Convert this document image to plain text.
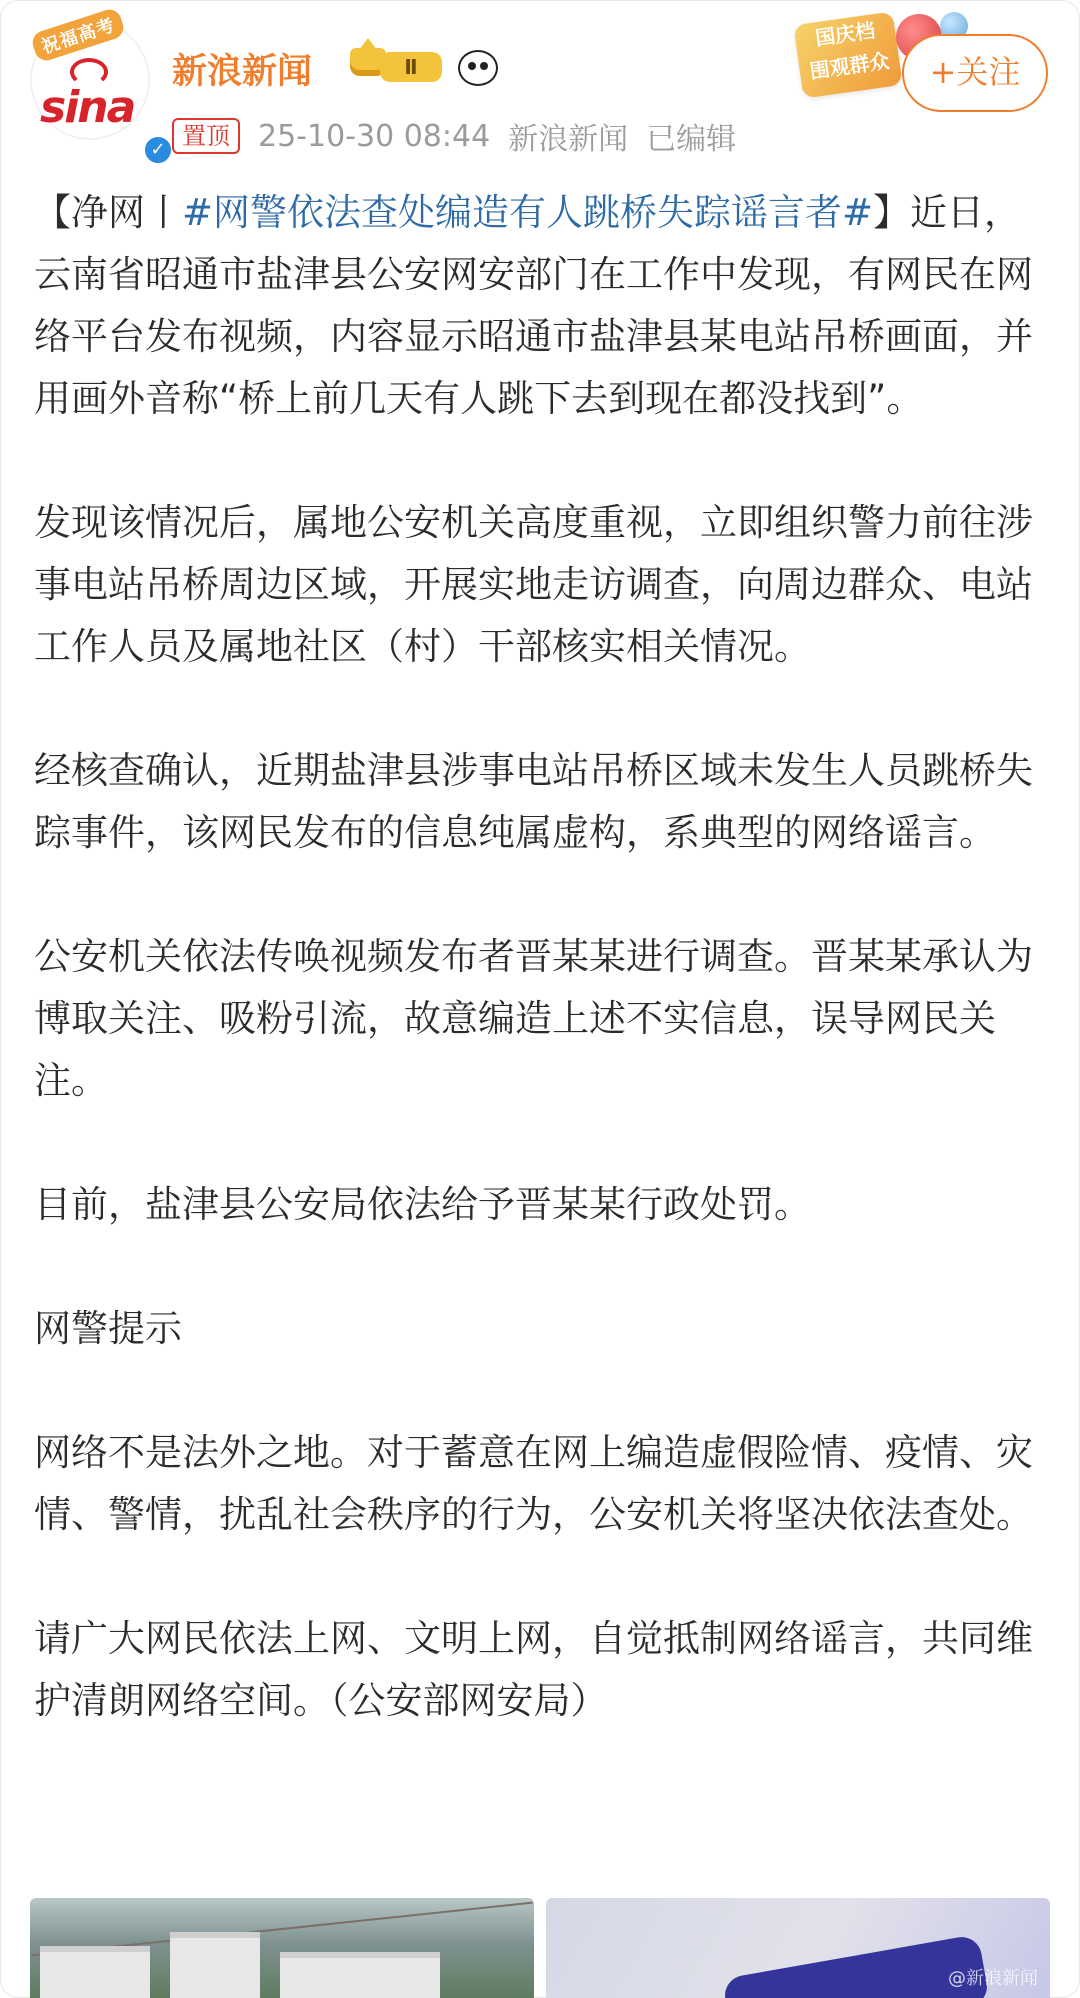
祝福高考
sina
✓
新浪新闻	Ⅱ
置顶 25-10-30 08:44 新浪新闻 已编辑
国庆档
围观群众	+关注

【净网丨#网警依法查处编造有人跳桥失踪谣言者#】近日，云南省昭通市盐津县公安网安部门在工作中发现，有网民在网络平台发布视频，内容显示昭通市盐津县某电站吊桥画面，并用画外音称“桥上前几天有人跳下去到现在都没找到”。

发现该情况后，属地公安机关高度重视，立即组织警力前往涉事电站吊桥周边区域，开展实地走访调查，向周边群众、电站工作人员及属地社区（村）干部核实相关情况。

经核查确认，近期盐津县涉事电站吊桥区域未发生人员跳桥失踪事件，该网民发布的信息纯属虚构，系典型的网络谣言。

公安机关依法传唤视频发布者晋某某进行调查。晋某某承认为博取关注、吸粉引流，故意编造上述不实信息，误导网民关注。

目前，盐津县公安局依法给予晋某某行政处罚。

网警提示

网络不是法外之地。对于蓄意在网上编造虚假险情、疫情、灾情、警情，扰乱社会秩序的行为，公安机关将坚决依法查处。

请广大网民依法上网、文明上网，自觉抵制网络谣言，共同维护清朗网络空间。（公安部网安局）

@新浪新闻
